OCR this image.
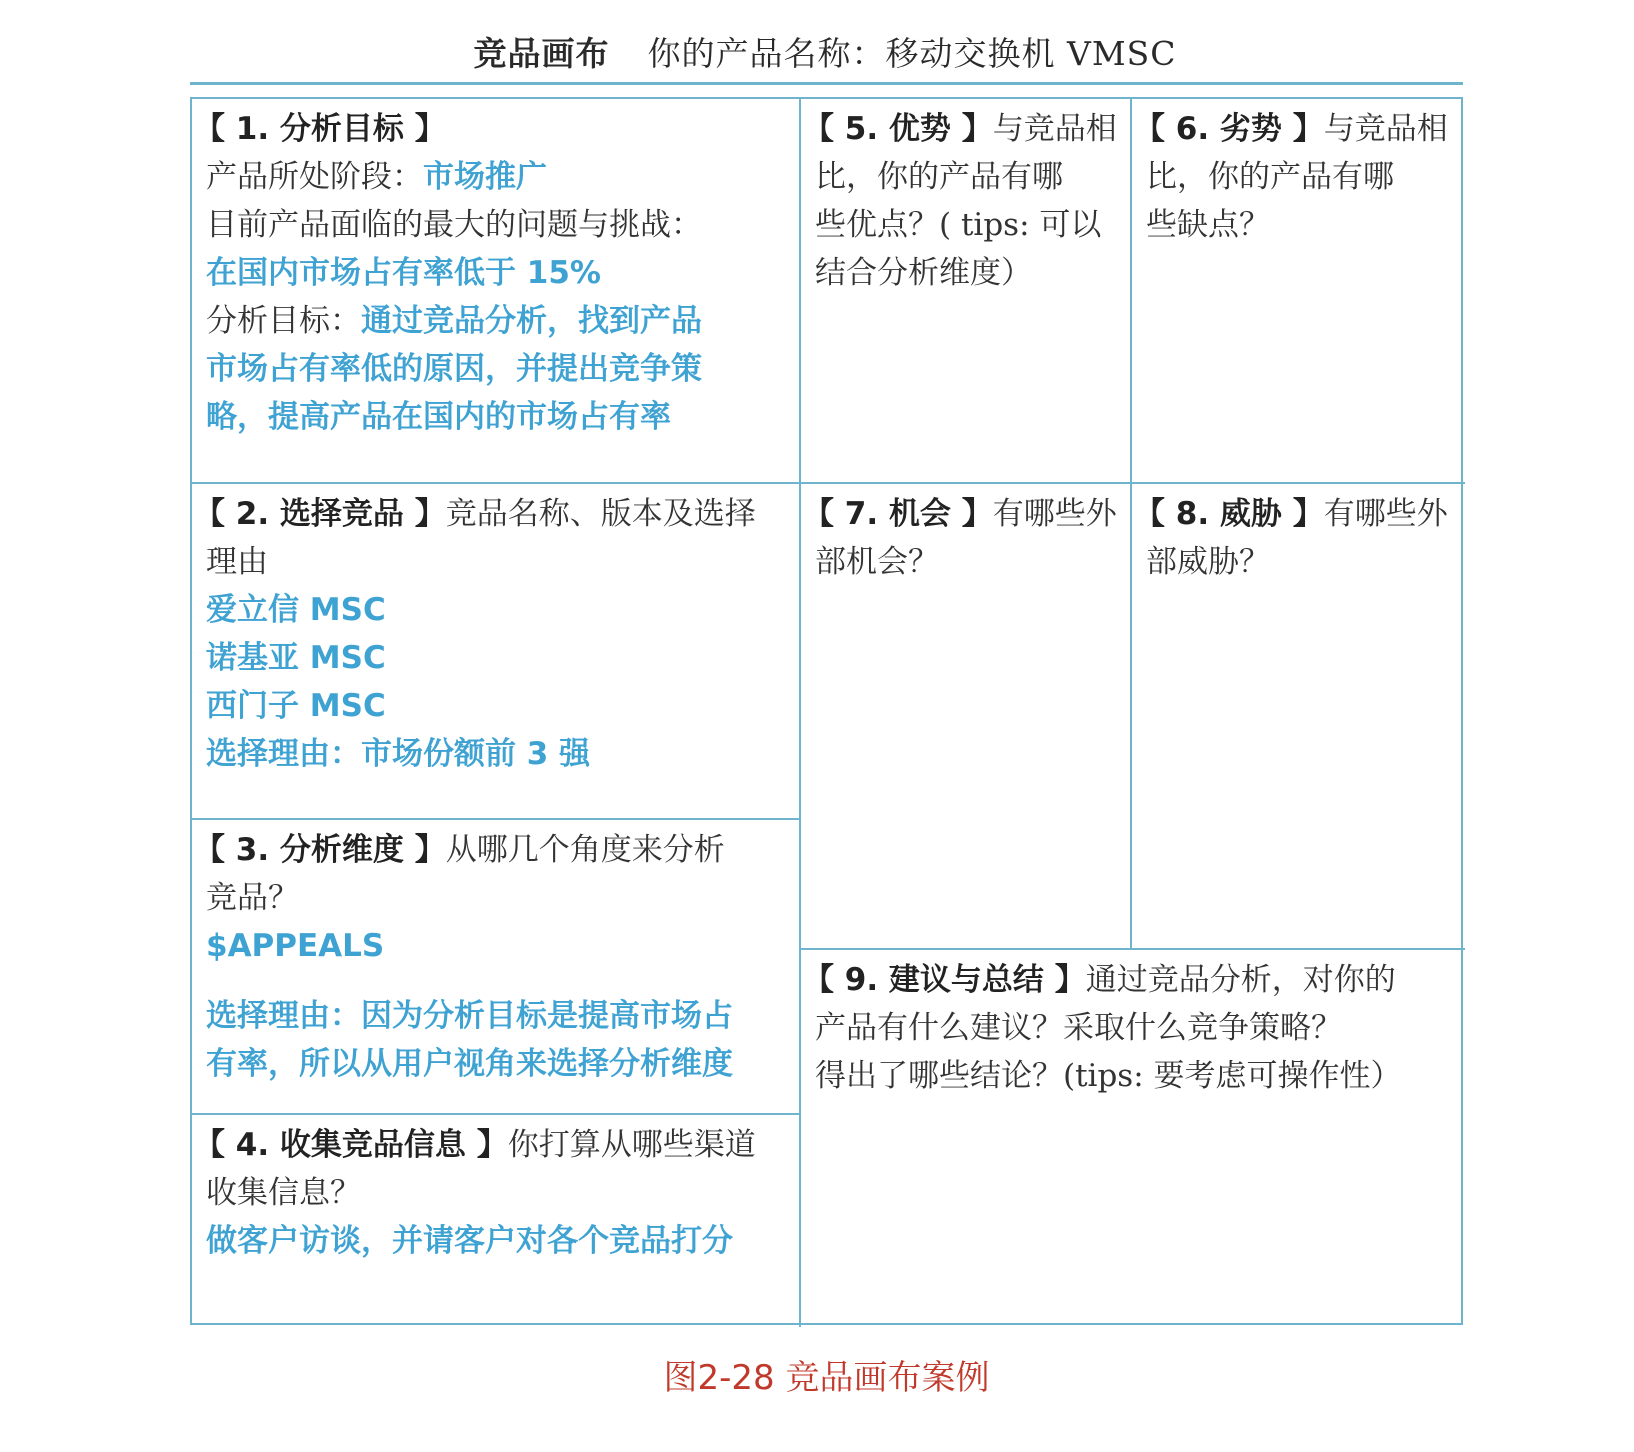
竞品画布 你的产品名称：移动交换机 VMSC
【 1. 分析目标 】
产品所处阶段：市场推广
目前产品面临的最大的问题与挑战：
在国内市场占有率低于 15%
分析目标：通过竞品分析，找到产品
市场占有率低的原因，并提出竞争策
略，提高产品在国内的市场占有率
【 5. 优势 】与竞品相
比，你的产品有哪
些优点？( tips: 可以
结合分析维度）
【 6. 劣势 】与竞品相
比，你的产品有哪
些缺点？
【 2. 选择竞品 】竞品名称、版本及选择
理由
爱立信 MSC
诺基亚 MSC
西门子 MSC
选择理由：市场份额前 3 强
【 7. 机会 】有哪些外
部机会？
【 8. 威胁 】有哪些外
部威胁？
【 3. 分析维度 】从哪几个角度来分析
竞品？
$APPEALS
选择理由：因为分析目标是提高市场占
有率，所以从用户视角来选择分析维度
【 9. 建议与总结 】通过竞品分析，对你的
产品有什么建议？采取什么竞争策略？
得出了哪些结论？(tips: 要考虑可操作性）
【 4. 收集竞品信息 】你打算从哪些渠道
收集信息？
做客户访谈，并请客户对各个竞品打分
图2-28 竞品画布案例
